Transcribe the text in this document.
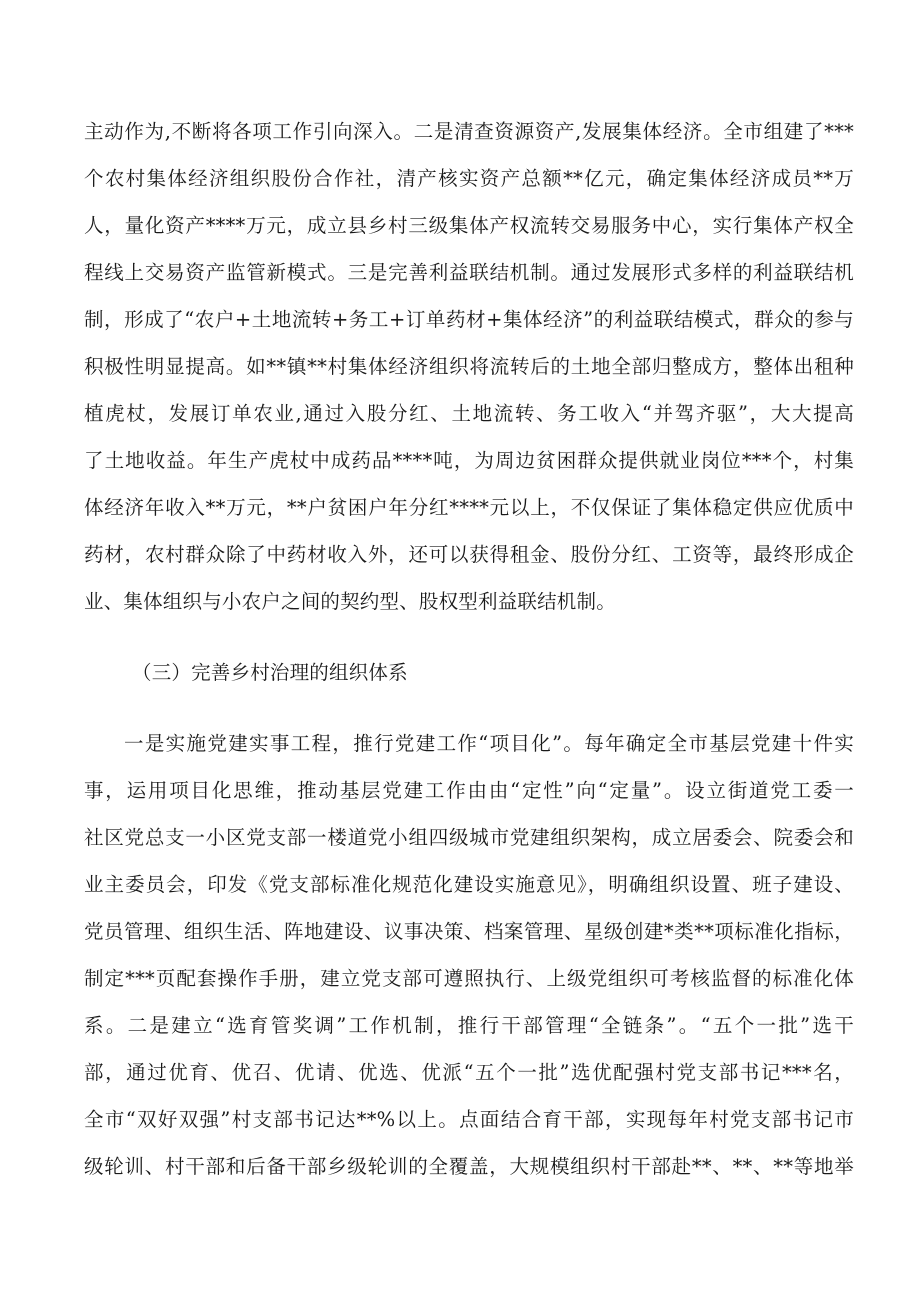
主动作为,不断将各项工作引向深入。二是清查资源资产,发展集体经济。全市组建了***
个农村集体经济组织股份合作社，清产核实资产总额**亿元，确定集体经济成员**万
人，量化资产****万元，成立县乡村三级集体产权流转交易服务中心，实行集体产权全
程线上交易资产监管新模式。三是完善利益联结机制。通过发展形式多样的利益联结机
制，形成了“农户+土地流转+务工+订单药材+集体经济”的利益联结模式，群众的参与
积极性明显提高。如**镇**村集体经济组织将流转后的土地全部归整成方，整体出租种
植虎杖，发展订单农业,通过入股分红、土地流转、务工收入“并驾齐驱”，大大提高
了土地收益。年生产虎杖中成药品****吨，为周边贫困群众提供就业岗位***个，村集
体经济年收入**万元，**户贫困户年分红****元以上，不仅保证了集体稳定供应优质中
药材，农村群众除了中药材收入外，还可以获得租金、股份分红、工资等，最终形成企
业、集体组织与小农户之间的契约型、股权型利益联结机制。
（三）完善乡村治理的组织体系
一是实施党建实事工程，推行党建工作“项目化”。每年确定全市基层党建十件实
事，运用项目化思维，推动基层党建工作由由“定性”向“定量”。设立街道党工委一
社区党总支一小区党支部一楼道党小组四级城市党建组织架构，成立居委会、院委会和
业主委员会，印发《党支部标准化规范化建设实施意见》，明确组织设置、班子建设、
党员管理、组织生活、阵地建设、议事决策、档案管理、星级创建*类**项标准化指标，
制定***页配套操作手册，建立党支部可遵照执行、上级党组织可考核监督的标准化体
系。二是建立“选育管奖调”工作机制，推行干部管理“全链条”。“五个一批”选干
部，通过优育、优召、优请、优选、优派“五个一批”选优配强村党支部书记***名，
全市“双好双强”村支部书记达**%以上。点面结合育干部，实现每年村党支部书记市
级轮训、村干部和后备干部乡级轮训的全覆盖，大规模组织村干部赴**、**、**等地举
